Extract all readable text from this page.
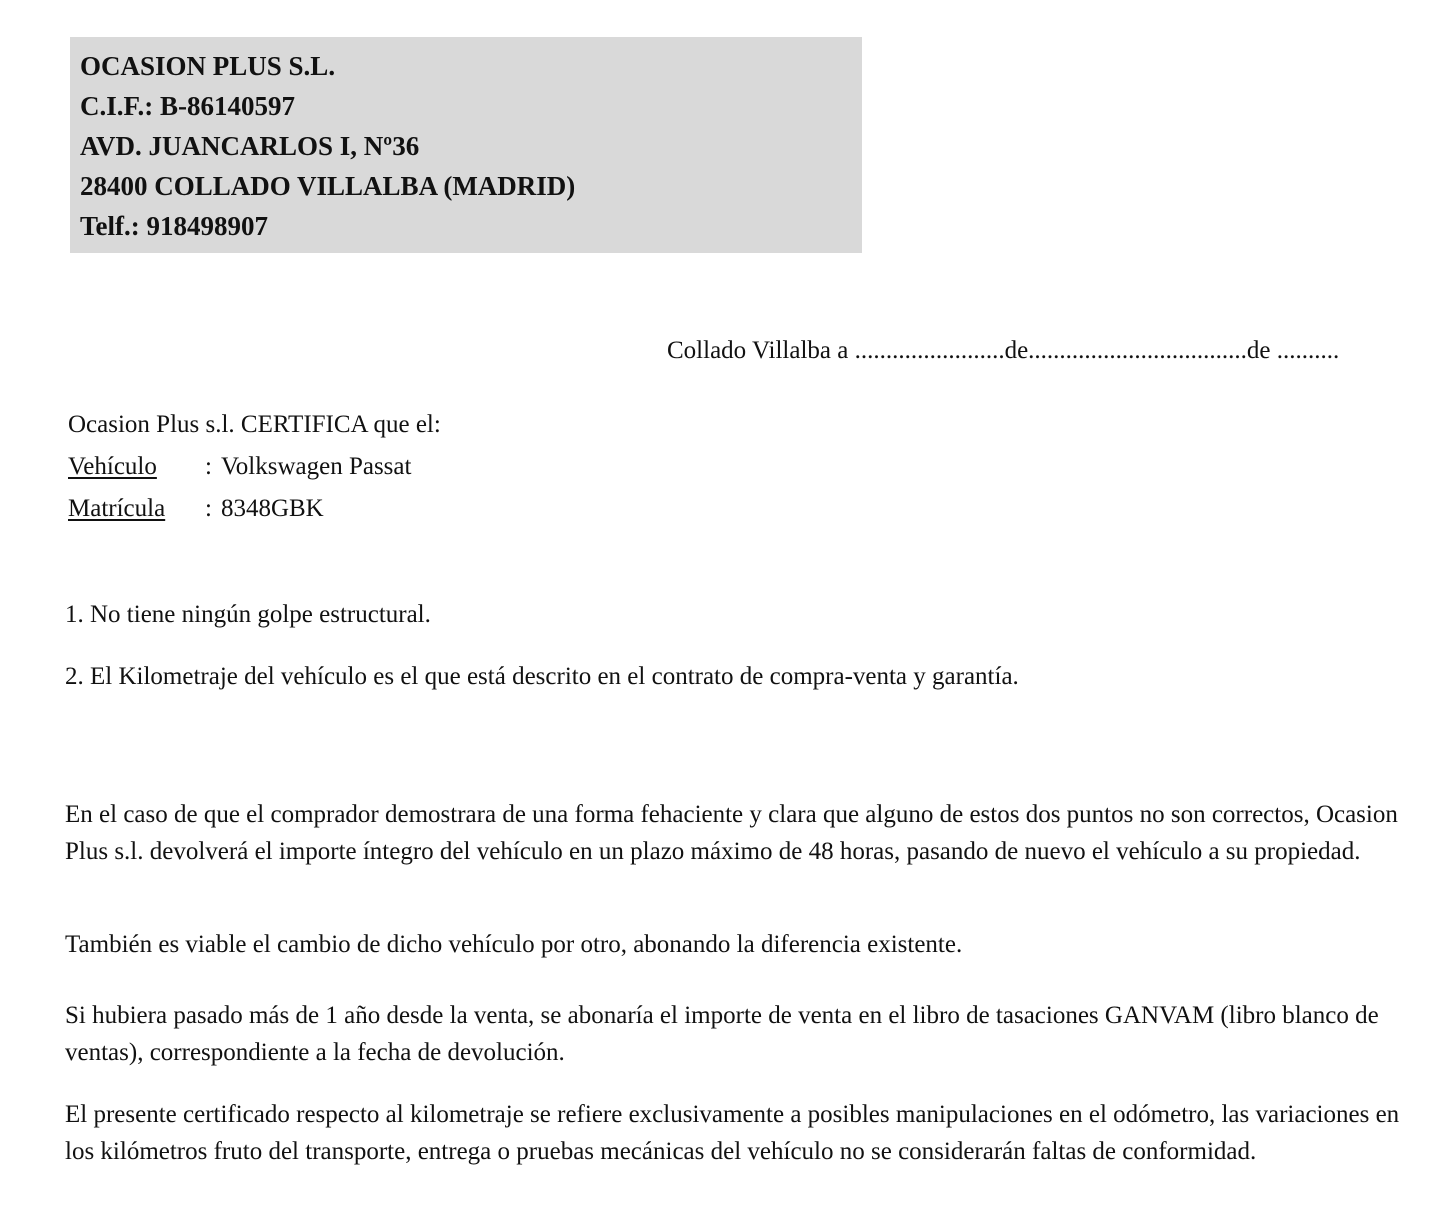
OCASION PLUS S.L.
C.I.F.: B-86140597
AVD. JUANCARLOS I, Nº36
28400 COLLADO VILLALBA (MADRID)
Telf.: 918498907
Collado Villalba a ........................de...................................de ..........
Ocasion Plus s.l. CERTIFICA que el:
Vehículo : Volkswagen Passat
Matrícula : 8348GBK
1. No tiene ningún golpe estructural.
2. El Kilometraje del vehículo es el que está descrito en el contrato de compra-venta y garantía.

En el caso de que el comprador demostrara de una forma fehaciente y clara que alguno de estos dos puntos no son correctos, Ocasion Plus s.l. devolverá el importe íntegro del vehículo en un plazo máximo de 48 horas, pasando de nuevo el vehículo a su propiedad.

También es viable el cambio de dicho vehículo por otro, abonando la diferencia existente.

Si hubiera pasado más de 1 año desde la venta, se abonaría el importe de venta en el libro de tasaciones GANVAM (libro blanco de ventas), correspondiente a la fecha de devolución.

El presente certificado respecto al kilometraje se refiere exclusivamente a posibles manipulaciones en el odómetro, las variaciones en los kilómetros fruto del transporte, entrega o pruebas mecánicas del vehículo no se considerarán faltas de conformidad.
